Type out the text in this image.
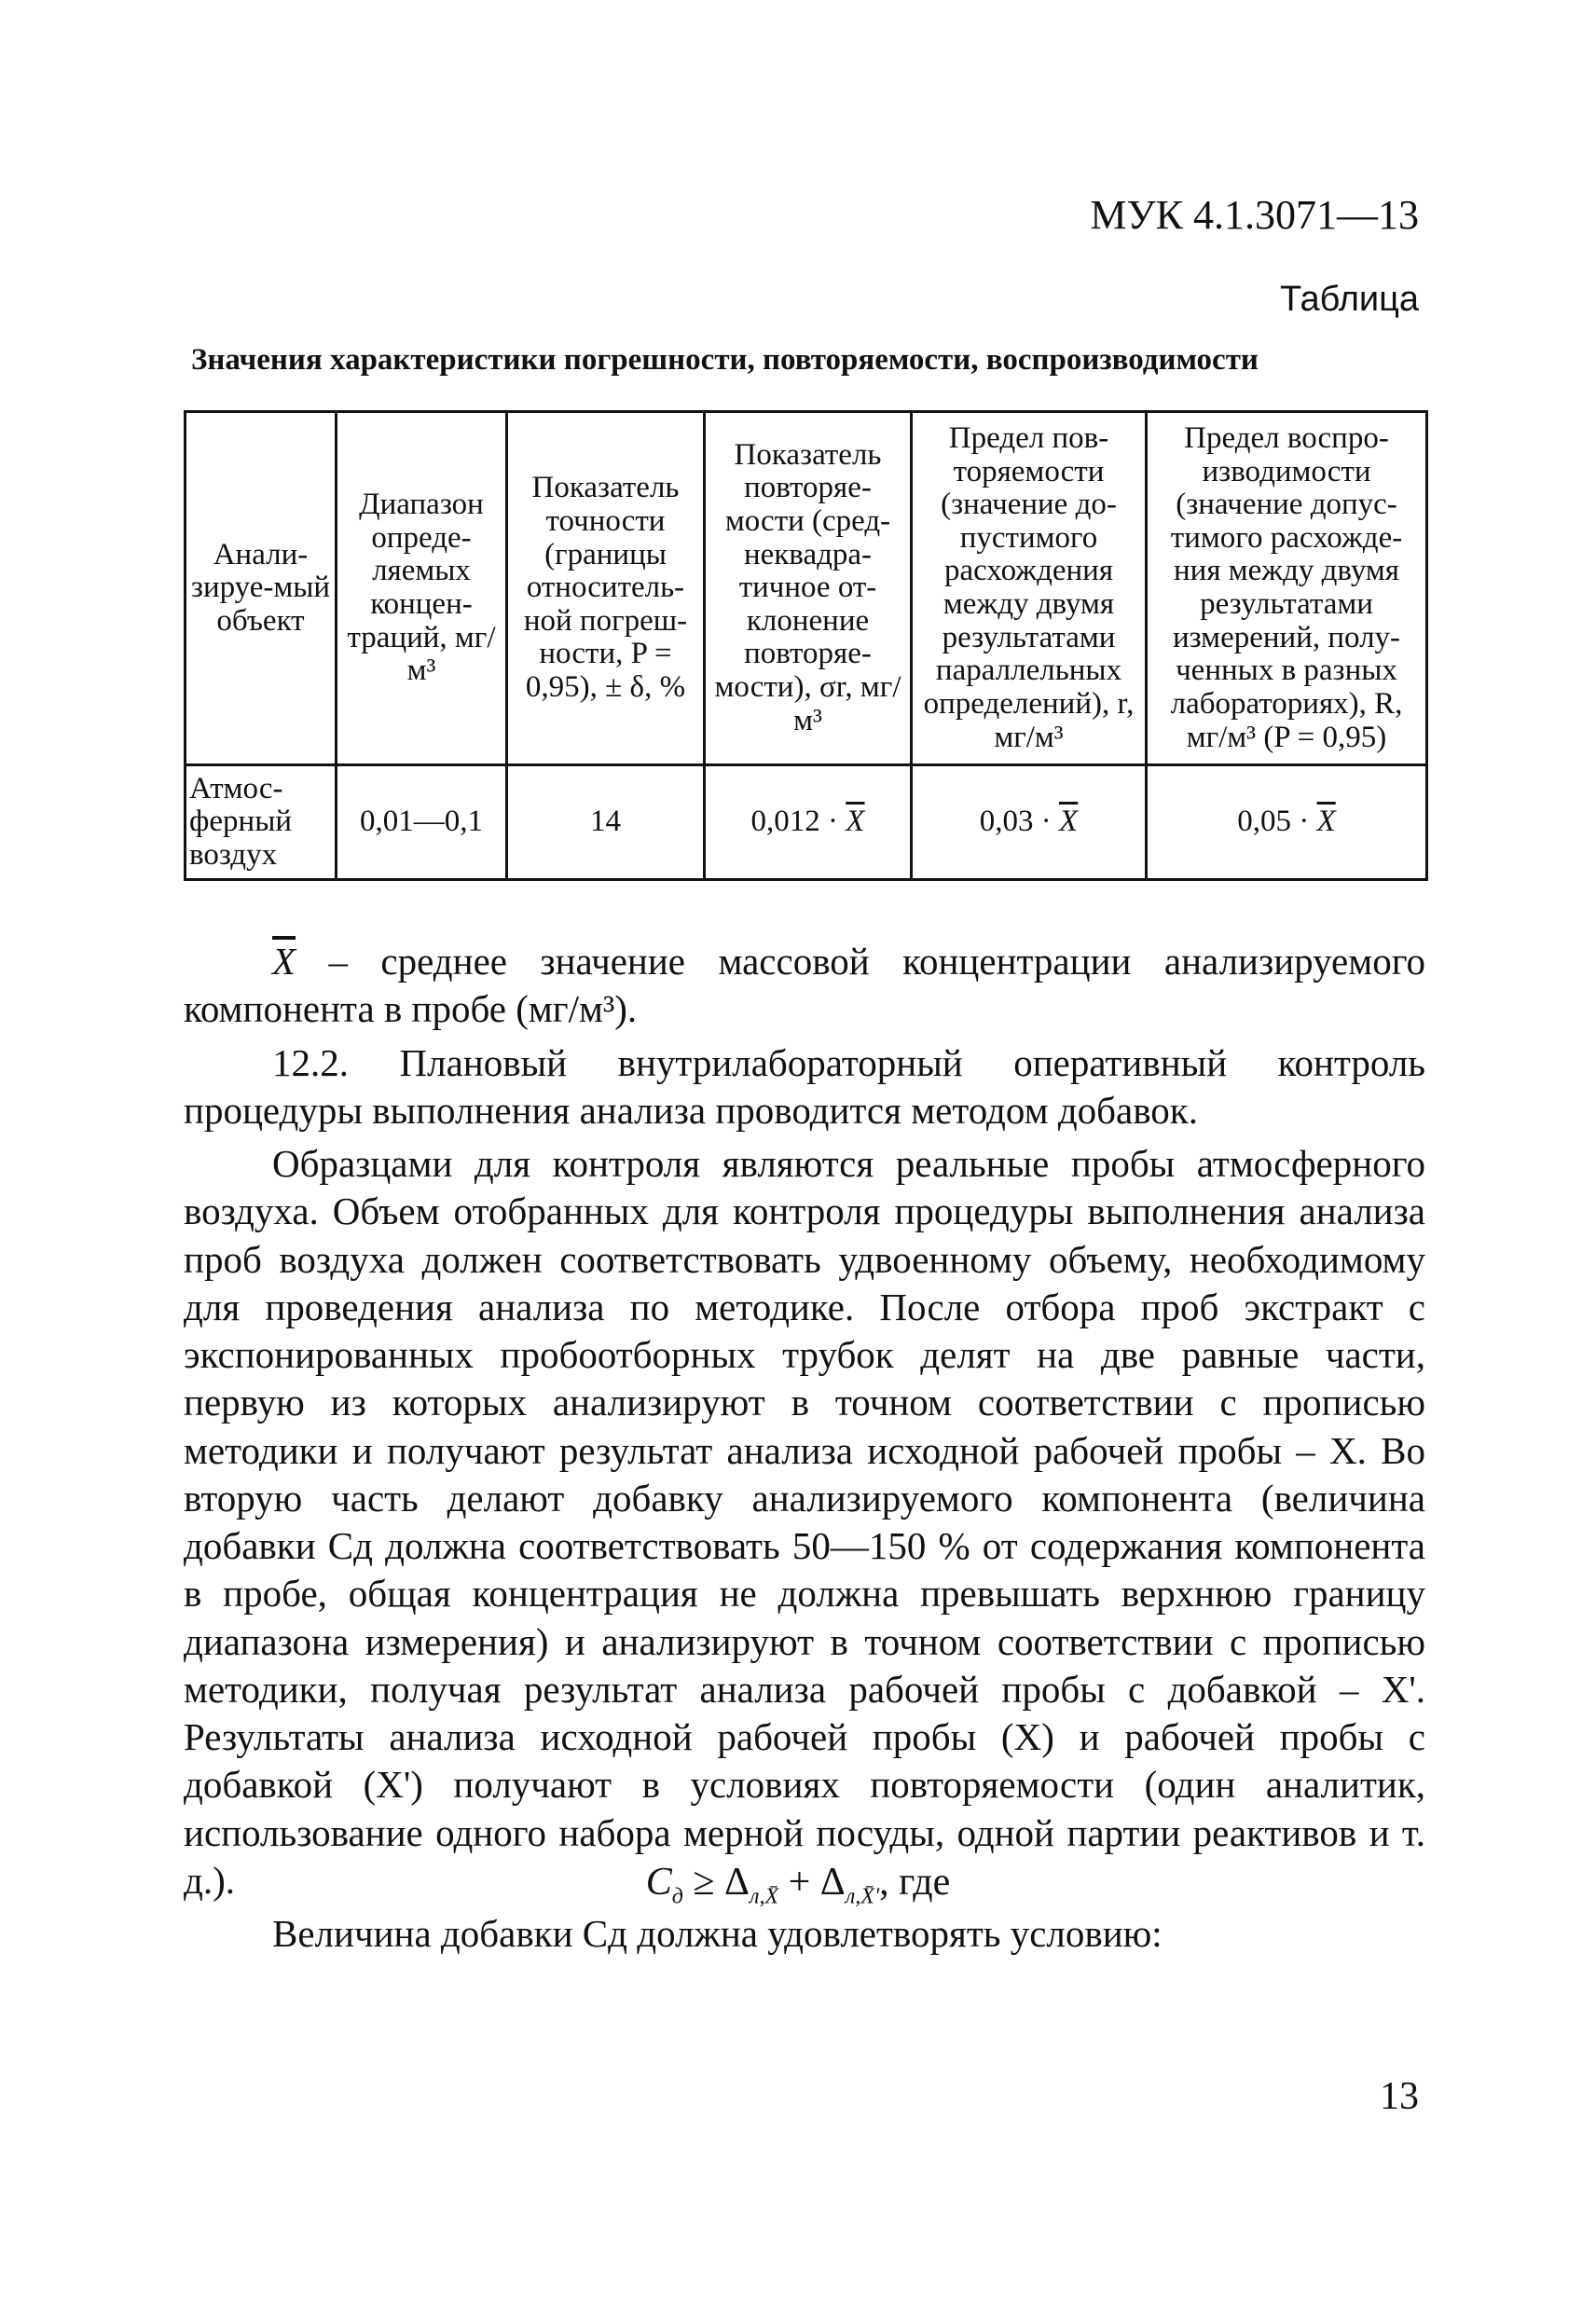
МУК 4.1.3071—13
Таблица
Значения характеристики погрешности, повторяемости, воспроизводимости
Анали-зируе-мый объект	Диапазон опреде-ляемых концен-траций, мг/м³	Показатель точности (границы относитель-ной погреш-ности, P = 0,95), ± δ, %	Показатель повторяе-мости (сред-неквадра-тичное от-клонение повторяе-мости), σr, мг/м³	Предел пов-торяемости (значение до-пустимого расхождения между двумя результатами параллельных определений), r, мг/м³	Предел воспро-изводимости (значение допус-тимого расхожде-ния между двумя результатами измерений, полу-ченных в разных лабораториях), R, мг/м³ (P = 0,95)
Атмос-ферный воздух	0,01—0,1	14	$0,012 \cdot \overline{X}$	$0,03 \cdot \overline{X}$	$0,05 \cdot \overline{X}$

$\overline{X}$ – среднее значение массовой концентрации анализируемого компонента в пробе (мг/м³).

12.2. Плановый внутрилабораторный оперативный контроль процедуры выполнения анализа проводится методом добавок.

Образцами для контроля являются реальные пробы атмосферного воздуха. Объем отобранных для контроля процедуры выполнения анализа проб воздуха должен соответствовать удвоенному объему, необходимому для проведения анализа по методике. После отбора проб экстракт с экспонированных пробоотборных трубок делят на две равные части, первую из которых анализируют в точном соответствии с прописью методики и получают результат анализа исходной рабочей пробы – X. Во вторую часть делают добавку анализируемого компонента (величина добавки Cд должна соответствовать 50—150 % от содержания компонента в пробе, общая концентрация не должна превышать верхнюю границу диапазона измерения) и анализируют в точном соответствии с прописью методики, получая результат анализа рабочей пробы с добавкой – X'. Результаты анализа исходной рабочей пробы (X) и рабочей пробы с добавкой (X') получают в условиях повторяемости (один аналитик, использование одного набора мерной посуды, одной партии реактивов и т. д.).

Величина добавки Cд должна удовлетворять условию:

$C_д \ge \Delta_{л,X̄} + \Delta_{л,X̄'}$, где
13
